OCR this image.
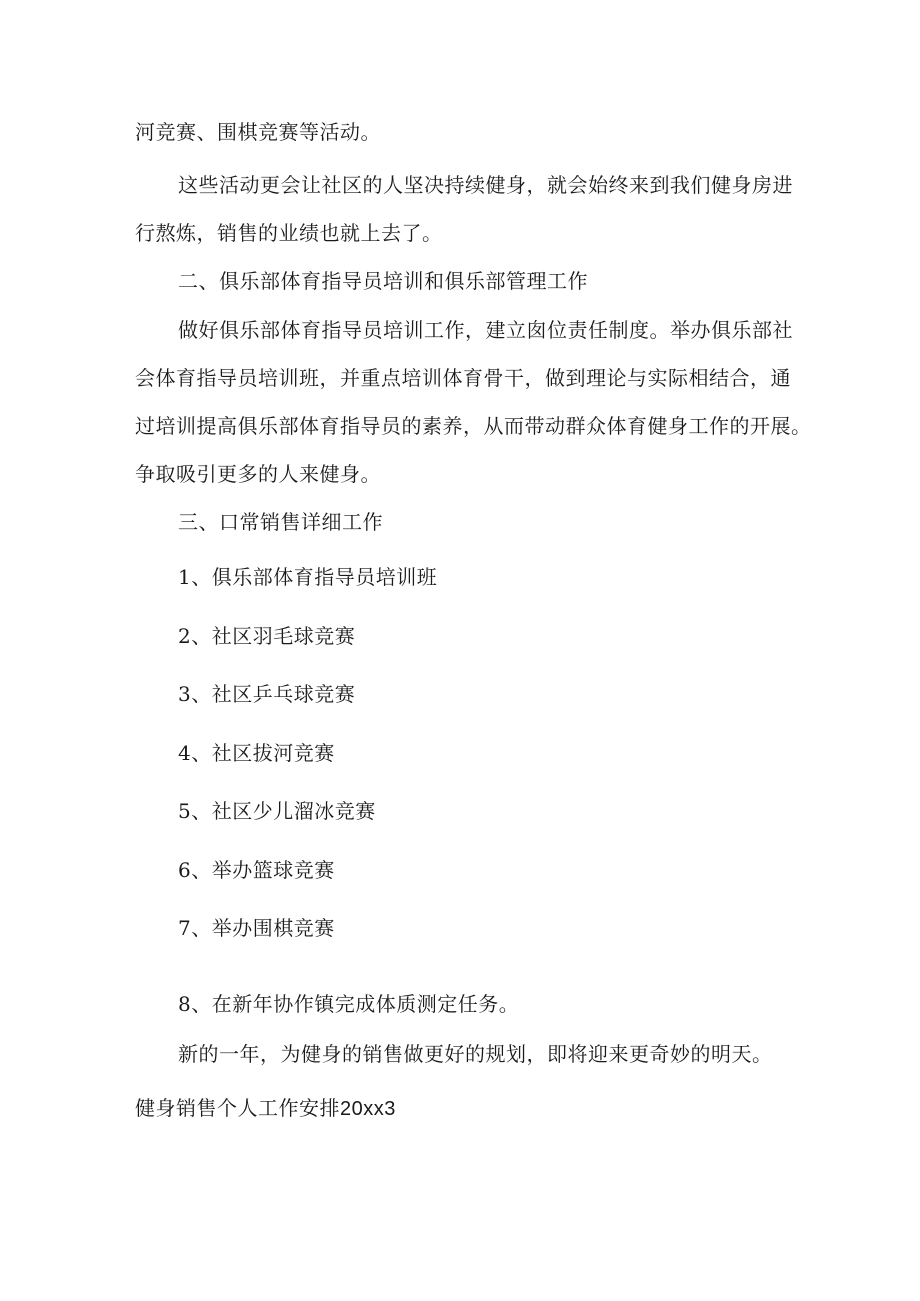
河竞赛、围棋竞赛等活动。
这些活动更会让社区的人坚决持续健身，就会始终来到我们健身房进
行熬炼，销售的业绩也就上去了。
二、俱乐部体育指导员培训和俱乐部管理工作
做好俱乐部体育指导员培训工作，建立囱位责任制度。举办俱乐部社
会体育指导员培训班，并重点培训体育骨干，做到理论与实际相结合，通
过培训提高俱乐部体育指导员的素养，从而带动群众体育健身工作的开展。
争取吸引更多的人来健身。
三、口常销售详细工作
1、俱乐部体育指导员培训班
2、社区羽毛球竞赛
3、社区乒乓球竞赛
4、社区拔河竞赛
5、社区少儿溜冰竞赛
6、举办篮球竞赛
7、举办围棋竞赛
8、在新年协作镇完成体质测定任务。
新的一年，为健身的销售做更好的规划，即将迎来更奇妙的明天。
健身销售个人工作安排20xx3
